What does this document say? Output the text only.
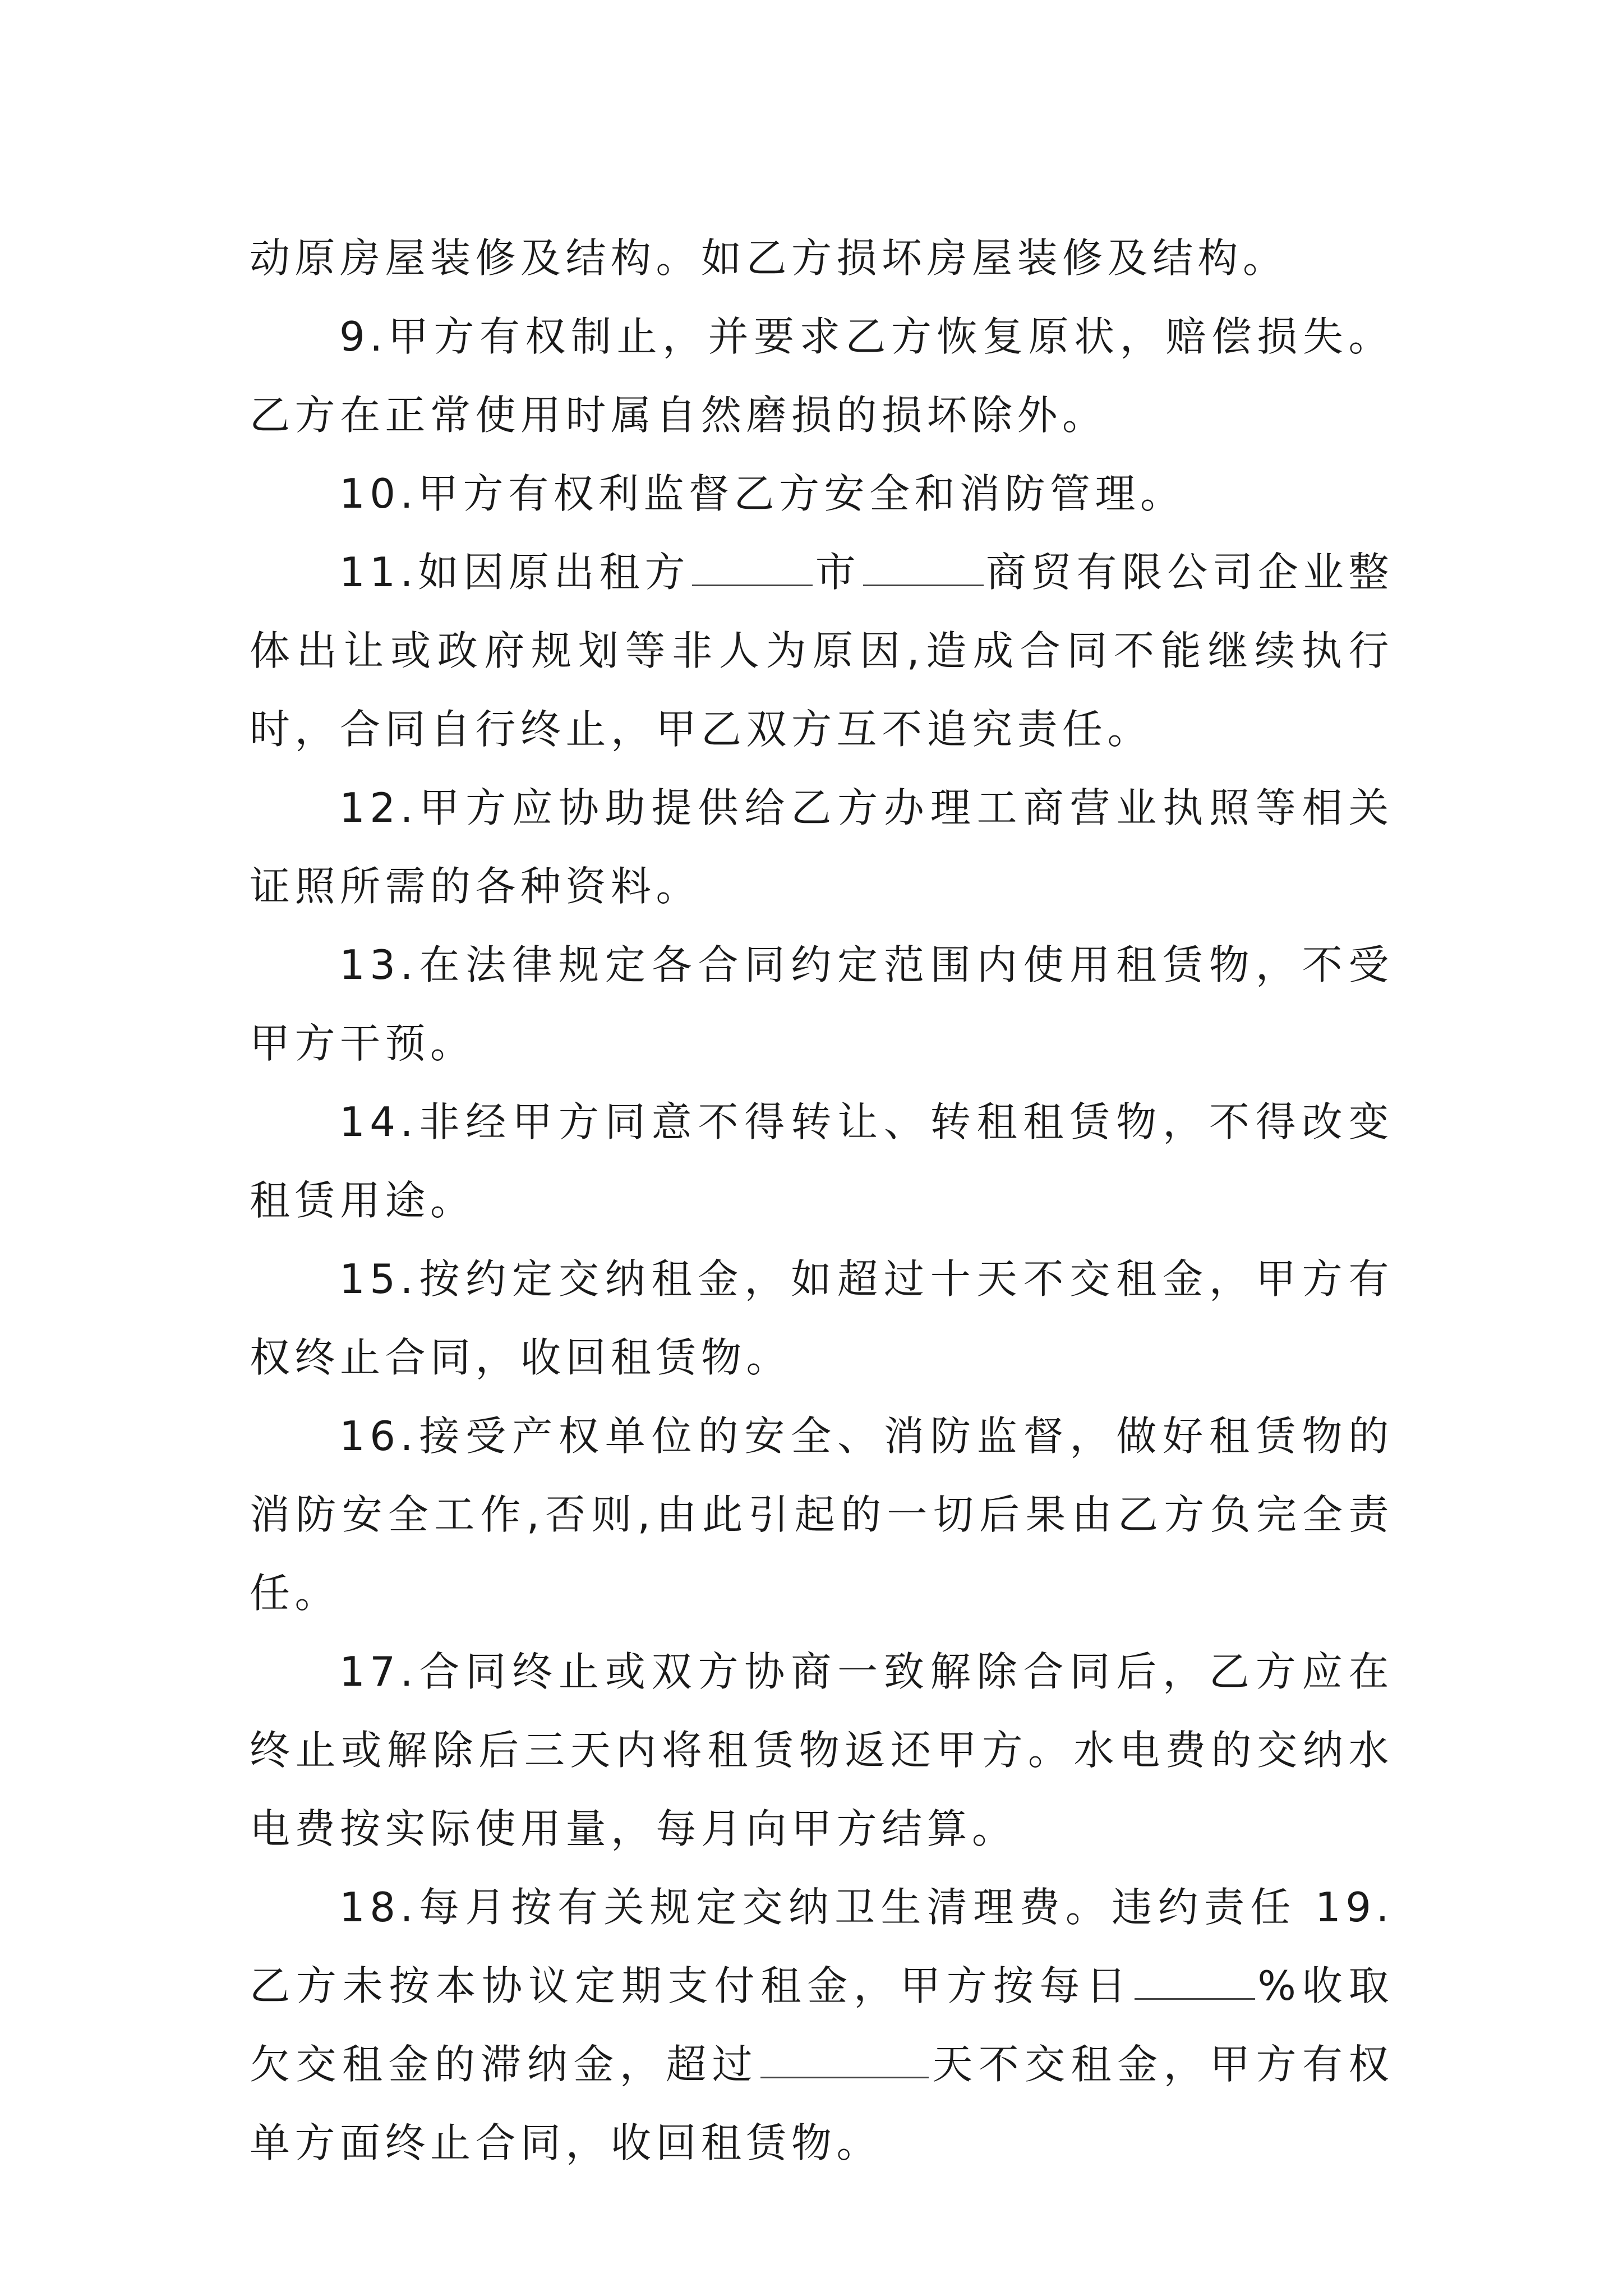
动原房屋装修及结构。如乙方损坏房屋装修及结构。

9.甲方有权制止，并要求乙方恢复原状，赔偿损失。乙方在正常使用时属自然磨损的损坏除外。

10.甲方有权利监督乙方安全和消防管理。

11.如因原出租方	市	商贸有限公司企业整体出让或政府规划等非人为原因,造成合同不能继续执行时，合同自行终止，甲乙双方互不追究责任。

12.甲方应协助提供给乙方办理工商营业执照等相关证照所需的各种资料。

13.在法律规定各合同约定范围内使用租赁物，不受甲方干预。

14.非经甲方同意不得转让、转租租赁物，不得改变租赁用途。

15.按约定交纳租金，如超过十天不交租金，甲方有权终止合同，收回租赁物。

16.接受产权单位的安全、消防监督，做好租赁物的消防安全工作,否则,由此引起的一切后果由乙方负完全责任。

17.合同终止或双方协商一致解除合同后，乙方应在终止或解除后三天内将租赁物返还甲方。水电费的交纳水电费按实际使用量，每月向甲方结算。

18.每月按有关规定交纳卫生清理费。违约责任 19.乙方未按本协议定期支付租金，甲方按每日	%收取欠交租金的滞纳金，超过	天不交租金，甲方有权单方面终止合同，收回租赁物。
